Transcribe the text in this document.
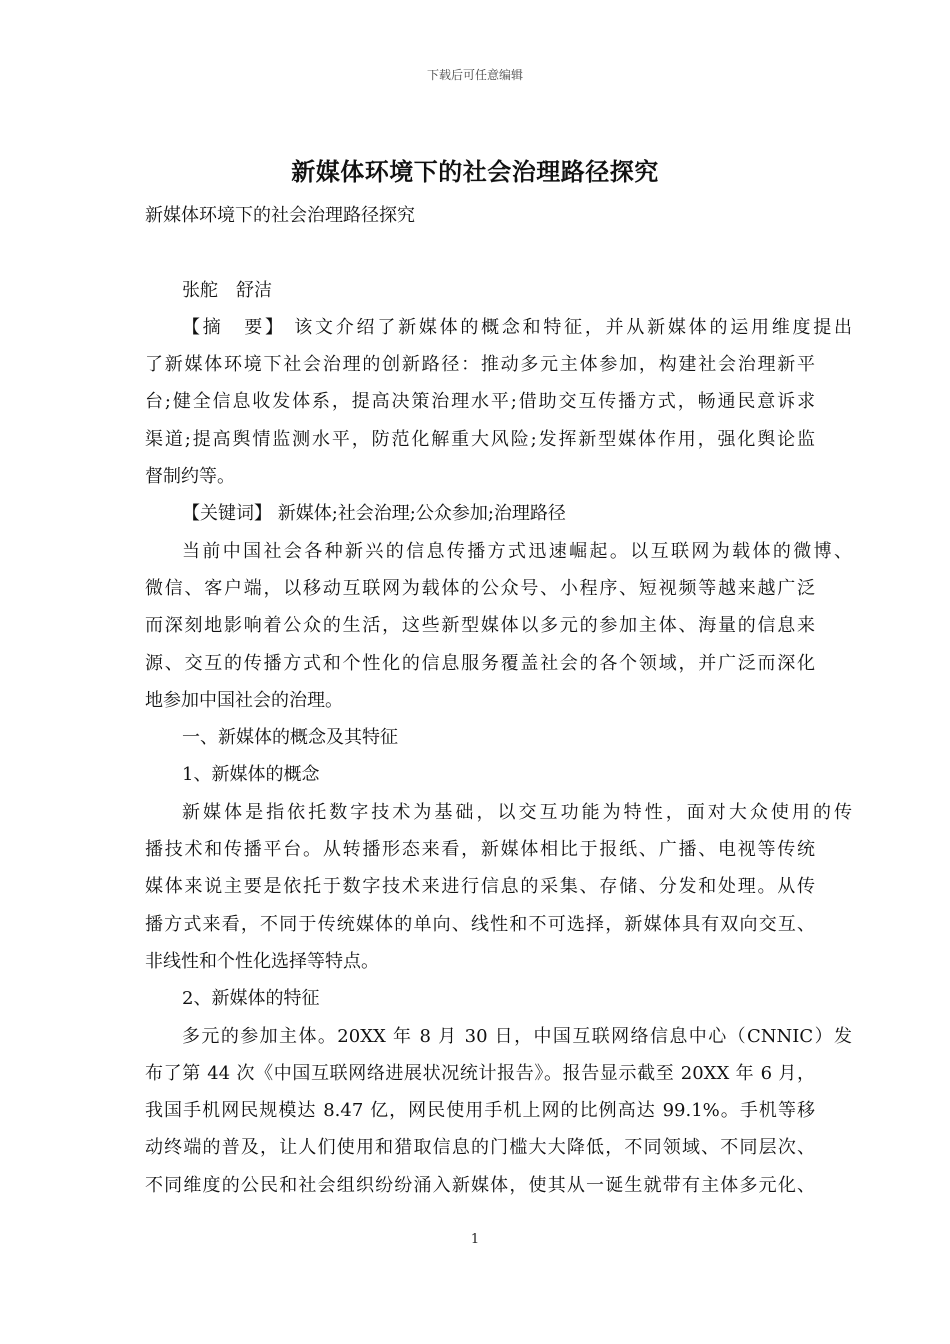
下载后可任意编辑
新媒体环境下的社会治理路径探究
新媒体环境下的社会治理路径探究
张舵　舒洁
【摘　要】 该文介绍了新媒体的概念和特征，并从新媒体的运用维度提出
了新媒体环境下社会治理的创新路径：推动多元主体参加，构建社会治理新平
台;健全信息收发体系，提高决策治理水平;借助交互传播方式，畅通民意诉求
渠道;提高舆情监测水平，防范化解重大风险;发挥新型媒体作用，强化舆论监
督制约等。
【关键词】 新媒体;社会治理;公众参加;治理路径
当前中国社会各种新兴的信息传播方式迅速崛起。以互联网为载体的微博、
微信、客户端，以移动互联网为载体的公众号、小程序、短视频等越来越广泛
而深刻地影响着公众的生活，这些新型媒体以多元的参加主体、海量的信息来
源、交互的传播方式和个性化的信息服务覆盖社会的各个领域，并广泛而深化
地参加中国社会的治理。
一、新媒体的概念及其特征
1、新媒体的概念
新媒体是指依托数字技术为基础，以交互功能为特性，面对大众使用的传
播技术和传播平台。从转播形态来看，新媒体相比于报纸、广播、电视等传统
媒体来说主要是依托于数字技术来进行信息的采集、存储、分发和处理。从传
播方式来看，不同于传统媒体的单向、线性和不可选择，新媒体具有双向交互、
非线性和个性化选择等特点。
2、新媒体的特征
多元的参加主体。20XX 年 8 月 30 日，中国互联网络信息中心（CNNIC）发
布了第 44 次《中国互联网络进展状况统计报告》。报告显示截至 20XX 年 6 月，
我国手机网民规模达 8.47 亿，网民使用手机上网的比例高达 99.1%。手机等移
动终端的普及，让人们使用和猎取信息的门槛大大降低，不同领域、不同层次、
不同维度的公民和社会组织纷纷涌入新媒体，使其从一诞生就带有主体多元化、
1
